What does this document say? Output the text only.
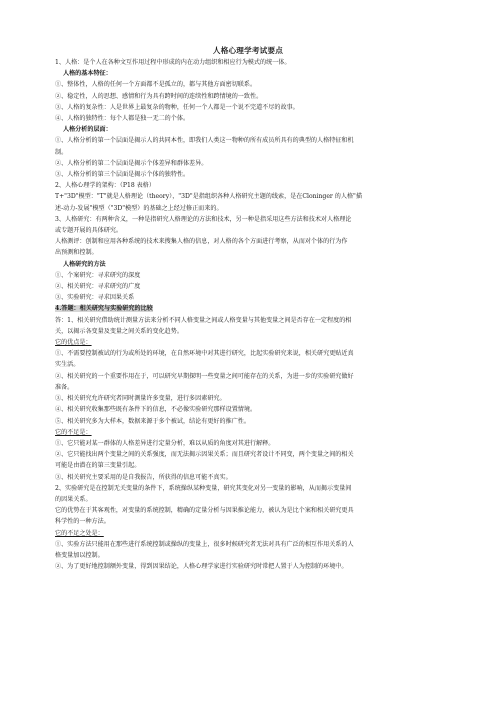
人格心理学考试要点
1、人格：是个人在各种文互作用过程中形成的内在动力组织和相应行为模式的统一体。
人格的基本特征：
①、整体性，人格的任何一个方面都不是孤立的，都与其他方面密切联系。
②、稳定性，人的思想、感情和行为具有跨时间的连续性和跨情境的一致性。
③、人格的复杂性：人是世界上最复杂的物种，任何一个人都是一个说不完道不尽的故事。
④、人格的独特性：每个人都是独一无二的个体。
人格分析的层面：
①、人格分析的第一个层面是揭示人的共同本性，即我们人类这一物种的所有成员所具有的典型的人格特征和机
制。
②、人格分析的第二个层面是揭示个体差异和群体差异。
③、人格分析的第三个层面是揭示个体的独特性。
2、人格心理学的架构：（P18 表格）
T+"3D"模型："T"就是人格理论（theory），"3D"是指组织各种人格研究主题的线索，是在Cloninger 的人格"描
述-动力-发展"模型（"3D"模型）的基础之上经过修正而来的。
3、人格研究：有两种含义，一种是指研究人格理论的方法和技术，另一种是指采用这些方法和技术对人格理论
或专题开展的具体研究。
人格测评：创制和应用各种系统的技术来搜集人格的信息，对人格的各个方面进行考察，从而对个体的行为作
出预测和控制。
人格研究的方法
①、个案研究：寻求研究的深度
②、相关研究：寻求研究的广度
③、实验研究：寻求因果关系
4.答题：相关研究与实验研究的比较
答：1、相关研究借助统计测量方法来分析不同人格变量之间或人格变量与其他变量之间是否存在一定程度的相
关，以揭示各变量及变量之间关系的变化趋势。
它的优点是：
①、不需要控制被试的行为或所处的环境，在自然环境中对其进行研究，比起实验研究来说，相关研究更贴近真
实生活。
②、相关研究的一个重要作用在于，可以研究早期探明一些变量之间可能存在的关系，为进一步的实验研究做好
准备。
③、相关研究允许研究者同时测量许多变量，进行多因素研究。
④、相关研究收集那些既有条件下的信息，不必像实验研究那样设置情境。
⑤、相关研究多为大样本，数据来源于多个被试，结论有更好的推广性。
它的不足是：
①、它只能对某一群体的人格差异进行定量分析，难以从质的角度对其进行解释。
②、它只能找出两个变量之间的关系强度，而无法揭示因果关系；而且研究者设计不同变，两个变量之间的相关
可能是由潜在的第三变量引起。
③、相关研究主要采用的是自我报告，所获得的信息可能不真实。
2、实验研究是在控制无关变量的条件下，系统操纵某种变量，研究其变化对另一变量的影响，从而揭示变量间
的因果关系。
它的优势在于其客观性，对变量的系统控制，精确的定量分析与因果推论能力，被认为是比个案和相关研究更具
科学性的一种方法。
它的不足之处是：
①、实验方法只能用在那些进行系统控制或操纵的变量上，很多时候研究者无法对具有广泛的相互作用关系的人
格变量加以控制。
②、为了更好地控制额外变量，得到因果结论，人格心理学家进行实验研究时常把人置于人为控制的环境中。
